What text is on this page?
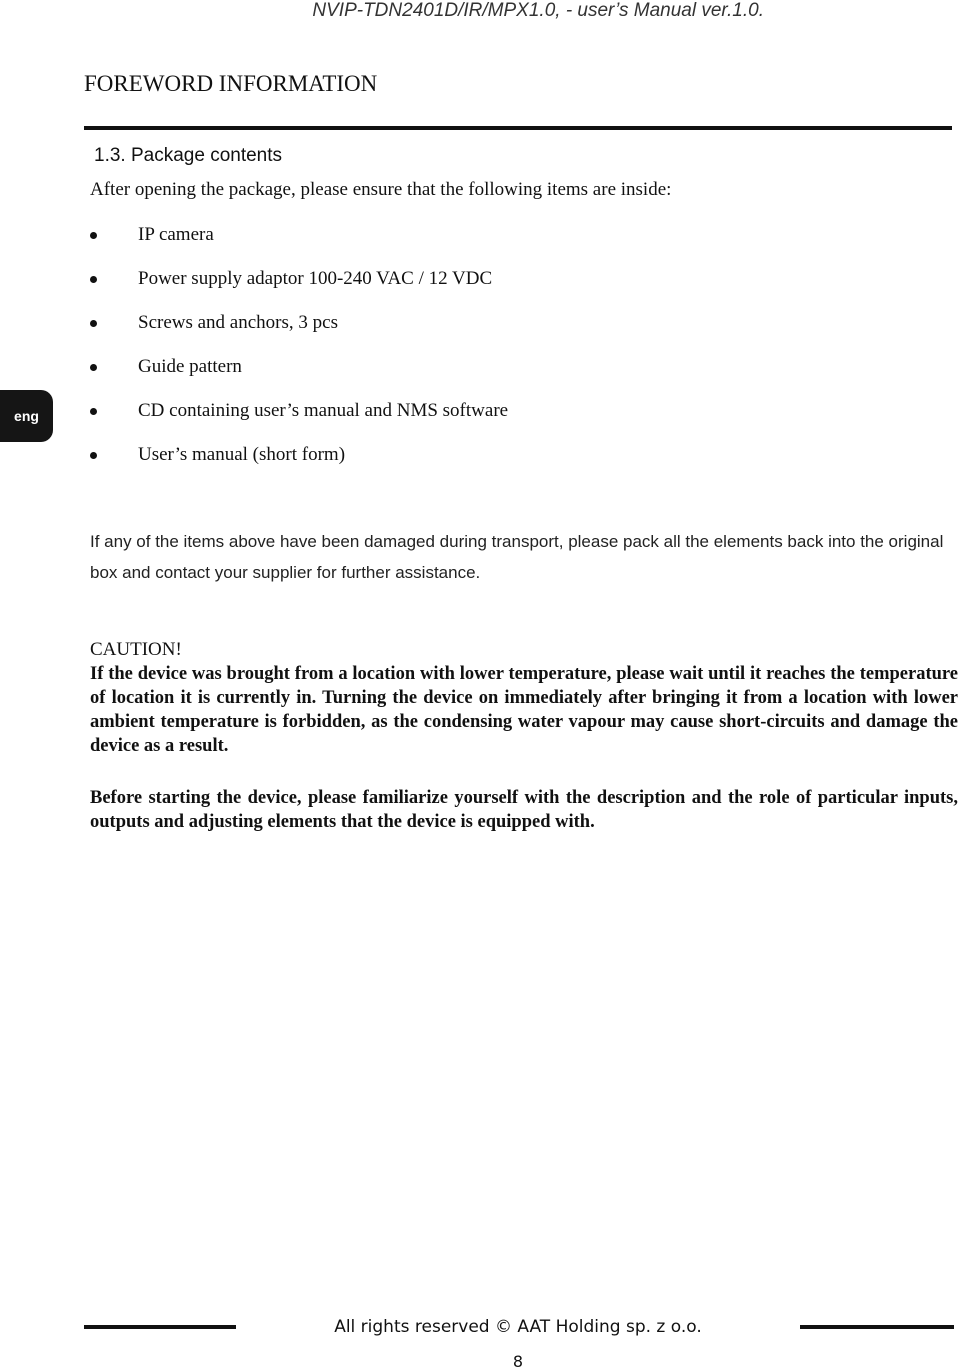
NVIP-TDN2401D/IR/MPX1.0, - user’s Manual ver.1.0.
FOREWORD INFORMATION
1.3. Package contents
After opening the package, please ensure that the following items are inside:
IP camera
Power supply adaptor 100-240 VAC / 12 VDC
Screws and anchors, 3 pcs
Guide pattern
CD containing user’s manual and NMS software
User’s manual (short form)
eng
If any of the items above have been damaged during transport, please pack all the elements back into the original box and contact your supplier for further assistance.
CAUTION!
If the device was brought from a location with lower temperature, please wait until it reaches the temperature of location it is currently in. Turning the device on immediately after bringing it from a location with lower ambient temperature is forbidden, as the condensing water vapour may cause short-circuits and damage the device as a result.
Before starting the device, please familiarize yourself with the description and the role of particular inputs, outputs and adjusting elements that the device is equipped with.
All rights reserved © AAT Holding sp. z o.o.
8
